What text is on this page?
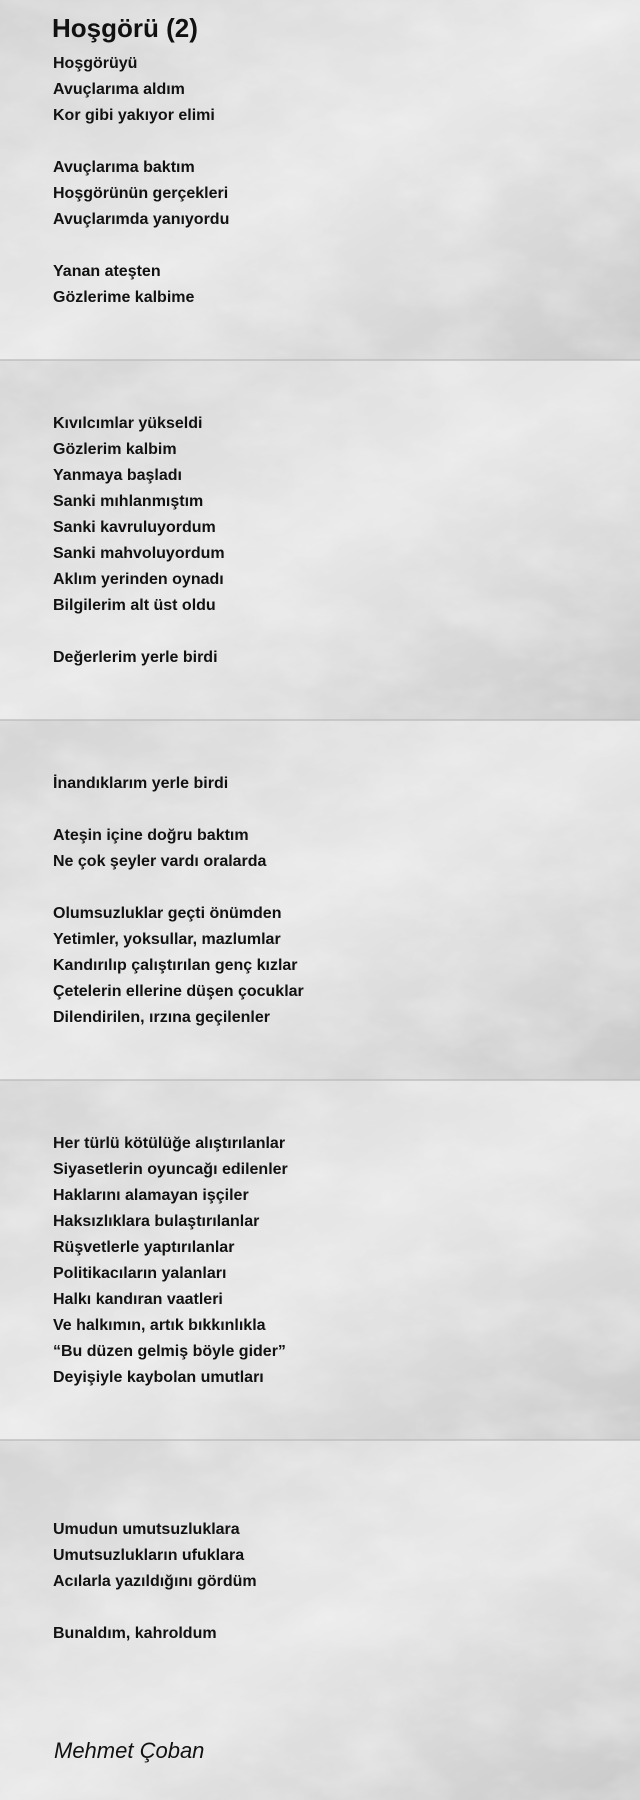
Hoşgörü (2)
Hoşgörüyü
Avuçlarıma aldım
Kor gibi yakıyor elimi
Avuçlarıma baktım
Hoşgörünün gerçekleri
Avuçlarımda yanıyordu
Yanan ateşten
Gözlerime kalbime
Kıvılcımlar yükseldi
Gözlerim kalbim
Yanmaya başladı
Sanki mıhlanmıştım
Sanki kavruluyordum
Sanki mahvoluyordum
Aklım yerinden oynadı
Bilgilerim alt üst oldu
Değerlerim yerle birdi
İnandıklarım yerle birdi
Ateşin içine doğru baktım
Ne çok şeyler vardı oralarda
Olumsuzluklar geçti önümden
Yetimler, yoksullar, mazlumlar
Kandırılıp çalıştırılan genç kızlar
Çetelerin ellerine düşen çocuklar
Dilendirilen, ırzına geçilenler
Her türlü kötülüğe alıştırılanlar
Siyasetlerin oyuncağı edilenler
Haklarını alamayan işçiler
Haksızlıklara bulaştırılanlar
Rüşvetlerle yaptırılanlar
Politikacıların yalanları
Halkı kandıran vaatleri
Ve halkımın, artık bıkkınlıkla
“Bu düzen gelmiş böyle gider”
Deyişiyle kaybolan umutları
Umudun umutsuzluklara
Umutsuzlukların ufuklara
Acılarla yazıldığını gördüm
Bunaldım, kahroldum
Mehmet Çoban
